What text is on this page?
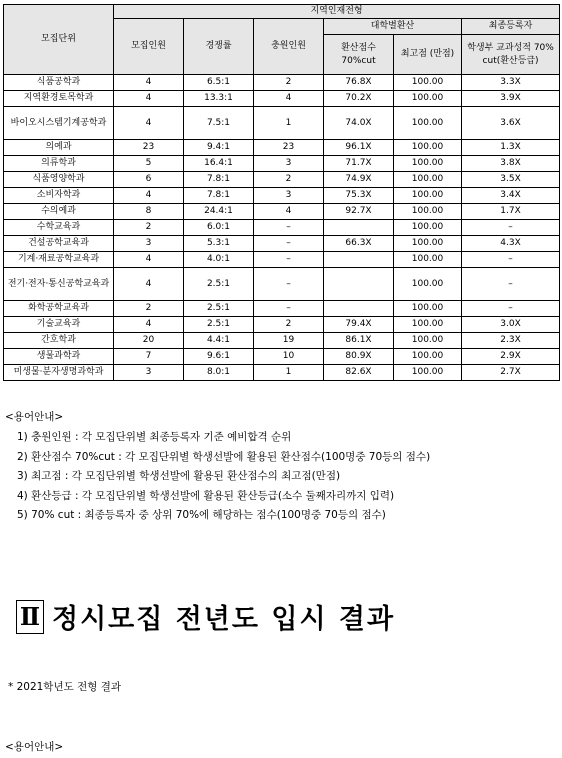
모집단위	지역인재전형					
	모집인원	경쟁률	충원인원	대학별환산		최종등록자
				환산점수 70%cut	최고점 (만점)	학생부 교과성적 70% cut(환산등급)
식품공학과	4	6.5:1	2	76.8X	100.00	3.3X
지역환경토목학과	4	13.3:1	4	70.2X	100.00	3.9X
바이오시스템기계공학과	4	7.5:1	1	74.0X	100.00	3.6X
의예과	23	9.4:1	23	96.1X	100.00	1.3X
의류학과	5	16.4:1	3	71.7X	100.00	3.8X
식품영양학과	6	7.8:1	2	74.9X	100.00	3.5X
소비자학과	4	7.8:1	3	75.3X	100.00	3.4X
수의예과	8	24.4:1	4	92.7X	100.00	1.7X
수학교육과	2	6.0:1	–		100.00	–
건설공학교육과	3	5.3:1	–	66.3X	100.00	4.3X
기계·재료공학교육과	4	4.0:1	–		100.00	–
전기·전자·통신공학교육과	4	2.5:1	–		100.00	–
화학공학교육과	2	2.5:1	–		100.00	–
기술교육과	4	2.5:1	2	79.4X	100.00	3.0X
간호학과	20	4.4:1	19	86.1X	100.00	2.3X
생물과학과	7	9.6:1	10	80.9X	100.00	2.9X
미생물·분자생명과학과	3	8.0:1	1	82.6X	100.00	2.7X
<용어안내>
1) 충원인원 : 각 모집단위별 최종등록자 기준 예비합격 순위
2) 환산점수 70%cut : 각 모집단위별 학생선발에 활용된 환산점수(100명중 70등의 점수)
3) 최고점 : 각 모집단위별 학생선발에 활용된 환산점수의 최고점(만점)
4) 환산등급 : 각 모집단위별 학생선발에 활용된 환산등급(소수 둘째자리까지 입력)
5) 70% cut : 최종등록자 중 상위 70%에 해당하는 점수(100명중 70등의 점수)
Ⅱ 정시모집 전년도 입시 결과
* 2021학년도 전형 결과
<용어안내>
